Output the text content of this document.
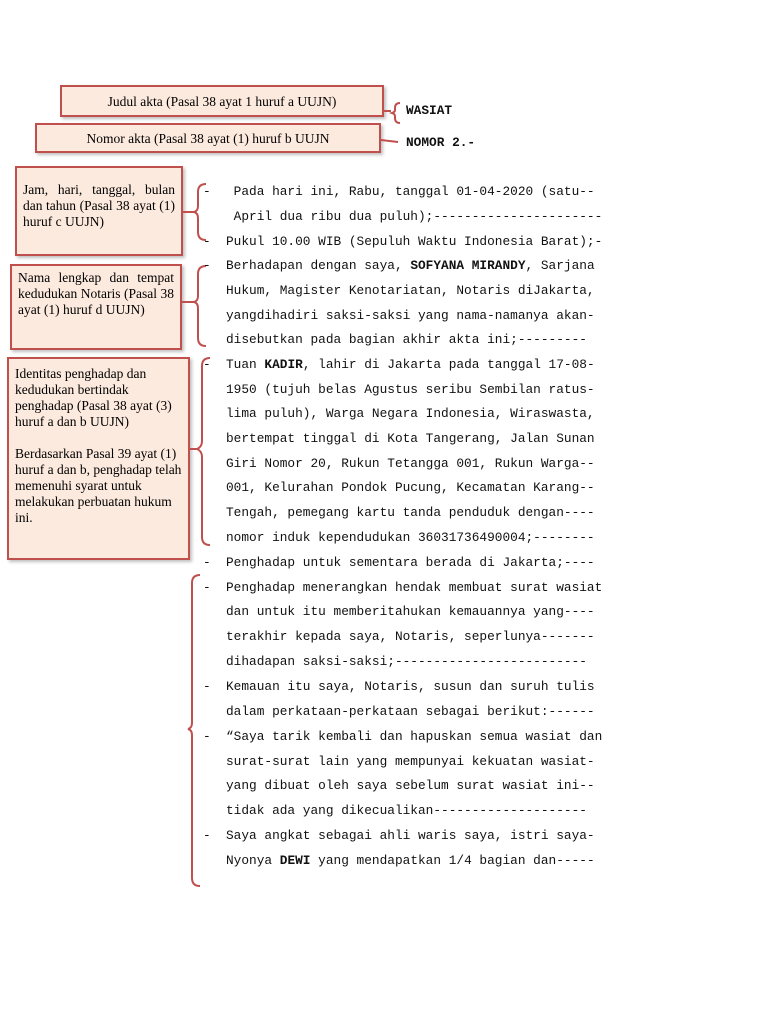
Judul akta (Pasal 38 ayat 1 huruf a UUJN)
Nomor akta (Pasal 38 ayat (1) huruf b UUJN
Jam, hari, tanggal, bulan dan tahun (Pasal 38 ayat (1) huruf c UUJN)
Nama lengkap dan tempat kedudukan Notaris (Pasal 38 ayat (1) huruf d UUJN)

Identitas penghadap dan kedudukan bertindak penghadap (Pasal 38 ayat (3) huruf a dan b UUJN)

Berdasarkan Pasal 39 ayat (1) huruf a dan b, penghadap telah memenuhi syarat untuk melakukan perbuatan hukum ini.

WASIAT
NOMOR 2.-

Pada hari ini, Rabu, tanggal 01-04-2020 (satu--

April dua ribu dua puluh);----------------------

Pukul 10.00 WIB (Sepuluh Waktu Indonesia Barat);-

Berhadapan dengan saya, SOFYANA MIRANDY, Sarjana

Hukum, Magister Kenotariatan, Notaris diJakarta,

yangdihadiri saksi-saksi yang nama-namanya akan-

disebutkan pada bagian akhir akta ini;---------

Tuan KADIR, lahir di Jakarta pada tanggal 17-08-

1950 (tujuh belas Agustus seribu Sembilan ratus-

lima puluh), Warga Negara Indonesia, Wiraswasta,

bertempat tinggal di Kota Tangerang, Jalan Sunan

Giri Nomor 20, Rukun Tetangga 001, Rukun Warga--

001, Kelurahan Pondok Pucung, Kecamatan Karang--

Tengah, pemegang kartu tanda penduduk dengan----

nomor induk kependudukan 36031736490004;--------

Penghadap untuk sementara berada di Jakarta;----

Penghadap menerangkan hendak membuat surat wasiat

dan untuk itu memberitahukan kemauannya yang----

terakhir kepada saya, Notaris, seperlunya-------

dihadapan saksi-saksi;-------------------------

Kemauan itu saya, Notaris, susun dan suruh tulis

dalam perkataan-perkataan sebagai berikut:------

“Saya tarik kembali dan hapuskan semua wasiat dan

surat-surat lain yang mempunyai kekuatan wasiat-

yang dibuat oleh saya sebelum surat wasiat ini--

tidak ada yang dikecualikan--------------------

Saya angkat sebagai ahli waris saya, istri saya-

Nyonya DEWI yang mendapatkan 1/4 bagian dan-----

-
-
-
-
-
-
-
-
-
